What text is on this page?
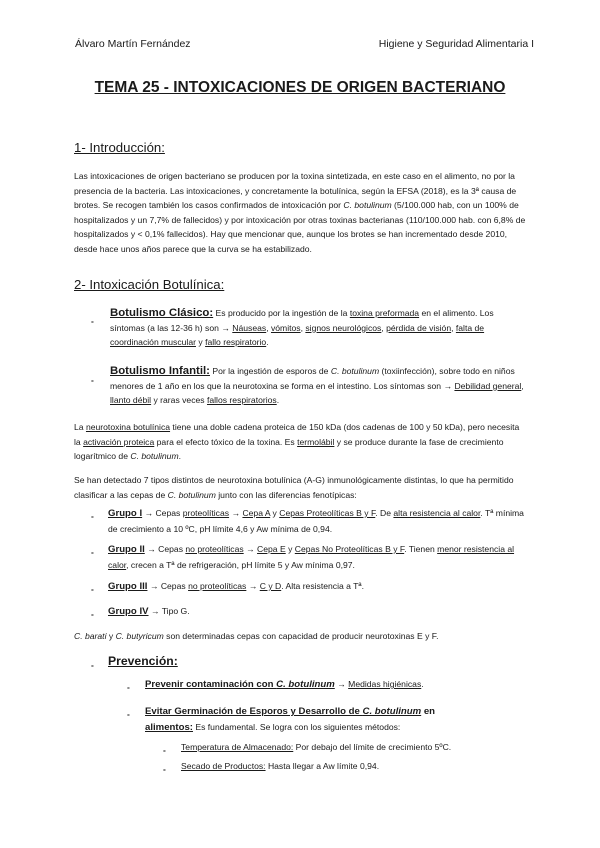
Álvaro Martín Fernández	Higiene y Seguridad Alimentaria I
TEMA 25 - INTOXICACIONES DE ORIGEN BACTERIANO
1- Introducción:
Las intoxicaciones de origen bacteriano se producen por la toxina sintetizada, en este caso en el alimento, no por la presencia de la bacteria. Las intoxicaciones, y concretamente la botulínica, según la EFSA (2018), es la 3ª causa de brotes. Se recogen también los casos confirmados de intoxicación por C. botulinum (5/100.000 hab, con un 100% de hospitalizados y un 7,7% de fallecidos) y por intoxicación por otras toxinas bacterianas (110/100.000 hab. con 6,8% de hospitalizados y < 0,1% fallecidos). Hay que mencionar que, aunque los brotes se han incrementado desde 2010, desde hace unos años parece que la curva se ha estabilizado.
2- Intoxicación Botulínica:
-
Botulismo Clásico: Es producido por la ingestión de la toxina preformada en el alimento. Los síntomas (a las 12-36 h) son → Náuseas, vómitos, signos neurológicos, pérdida de visión, falta de coordinación muscular y fallo respiratorio.
-
Botulismo Infantil: Por la ingestión de esporos de C. botulinum (toxiinfección), sobre todo en niños menores de 1 año en los que la neurotoxina se forma en el intestino. Los síntomas son → Debilidad general, llanto débil y raras veces fallos respiratorios.
La neurotoxina botulínica tiene una doble cadena proteica de 150 kDa (dos cadenas de 100 y 50 kDa), pero necesita la activación proteica para el efecto tóxico de la toxina. Es termolábil y se produce durante la fase de crecimiento logarítmico de C. botulinum.
Se han detectado 7 tipos distintos de neurotoxina botulínica (A-G) inmunológicamente distintas, lo que ha permitido clasificar a las cepas de C. botulinum junto con las diferencias fenotípicas:
- Grupo I → Cepas proteolíticas → Cepa A y Cepas Proteolíticas B y F. De alta resistencia al calor. Tª mínima de crecimiento a 10 ºC, pH límite 4,6 y Aw mínima de 0,94.
- Grupo II → Cepas no proteolíticas → Cepa E y Cepas No Proteolíticas B y F. Tienen menor resistencia al calor, crecen a Tª de refrigeración, pH límite 5 y Aw mínima 0,97.
- Grupo III → Cepas no proteolíticas → C y D. Alta resistencia a Tª.
- Grupo IV → Tipo G.
C. barati y C. butyricum son determinadas cepas con capacidad de producir neurotoxinas E y F.
- Prevención:
- Prevenir contaminación con C. botulinum → Medidas higiénicas.
- Evitar Germinación de Esporos y Desarrollo de C. botulinum en
alimentos: Es fundamental. Se logra con los siguientes métodos:
- Temperatura de Almacenado: Por debajo del límite de crecimiento 5ºC.
- Secado de Productos: Hasta llegar a Aw límite 0,94.
